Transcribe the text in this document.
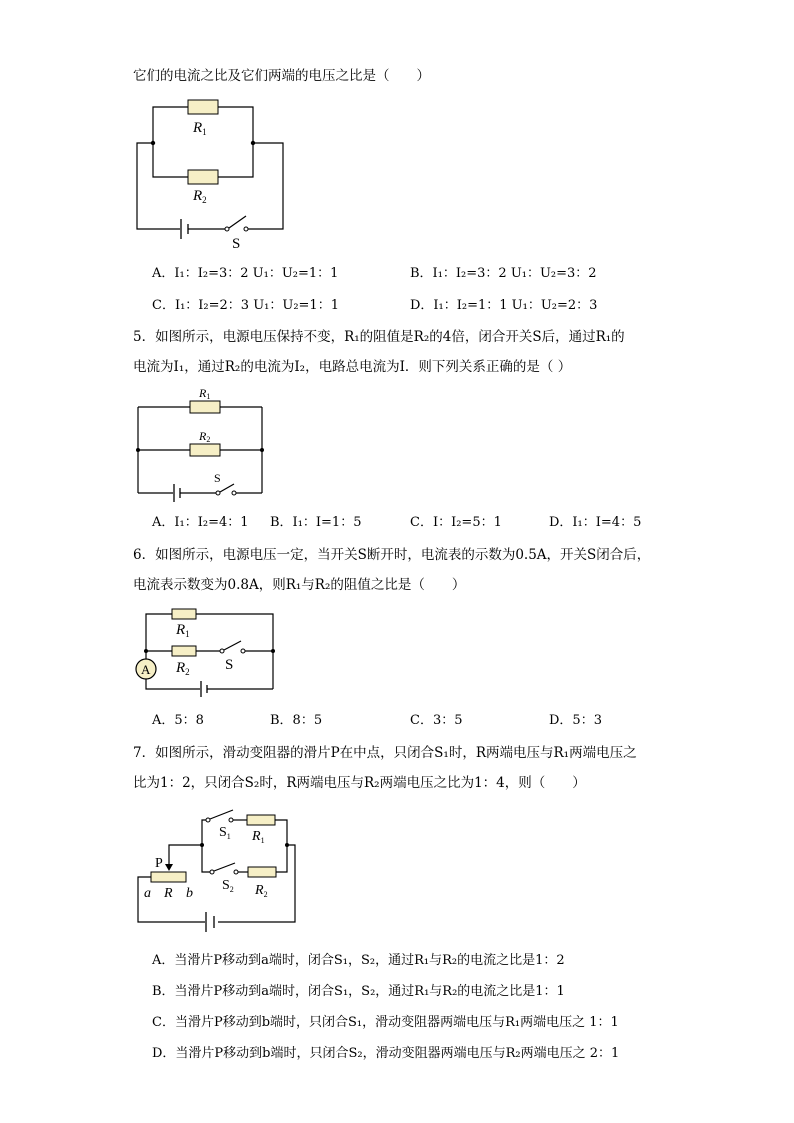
它们的电流之比及它们两端的电压之比是（　　）
$R_1$
$R_2$
S
A．I₁：I₂=3：2 U₁：U₂=1：1	B．I₁：I₂=3：2 U₁：U₂=3：2
C．I₁：I₂=2：3 U₁：U₂=1：1	D．I₁：I₂=1：1 U₁：U₂=2：3
5．如图所示，电源电压保持不变，R₁的阻值是R₂的4倍，闭合开关S后，通过R₁的
电流为I₁，通过R₂的电流为I₂，电路总电流为I．则下列关系正确的是（ ）
R1
R2
S
A．I₁：I₂=4：1 B．I₁：I=1：5	C．I：I₂=5：1	D．I₁：I=4：5
6．如图所示，电源电压一定，当开关S断开时，电流表的示数为0.5A，开关S闭合后，
电流表示数变为0.8A，则R₁与R₂的阻值之比是（　　）
A
$R_1$
$R_2$ S
A．5：8	B．8：5	C．3：5	D．5：3
7．如图所示，滑动变阻器的滑片P在中点，只闭合S₁时，R两端电压与R₁两端电压之
比为1：2，只闭合S₂时，R两端电压与R₂两端电压之比为1：4，则（　　）
$S_1$ $R_1$
$S_2$ $R_2$
P
a R b
A．当滑片P移动到a端时，闭合S₁，S₂，通过R₁与R₂的电流之比是1：2
B．当滑片P移动到a端时，闭合S₁，S₂，通过R₁与R₂的电流之比是1：1
C．当滑片P移动到b端时，只闭合S₁，滑动变阻器两端电压与R₁两端电压之 1：1
D．当滑片P移动到b端时，只闭合S₂，滑动变阻器两端电压与R₂两端电压之 2：1
